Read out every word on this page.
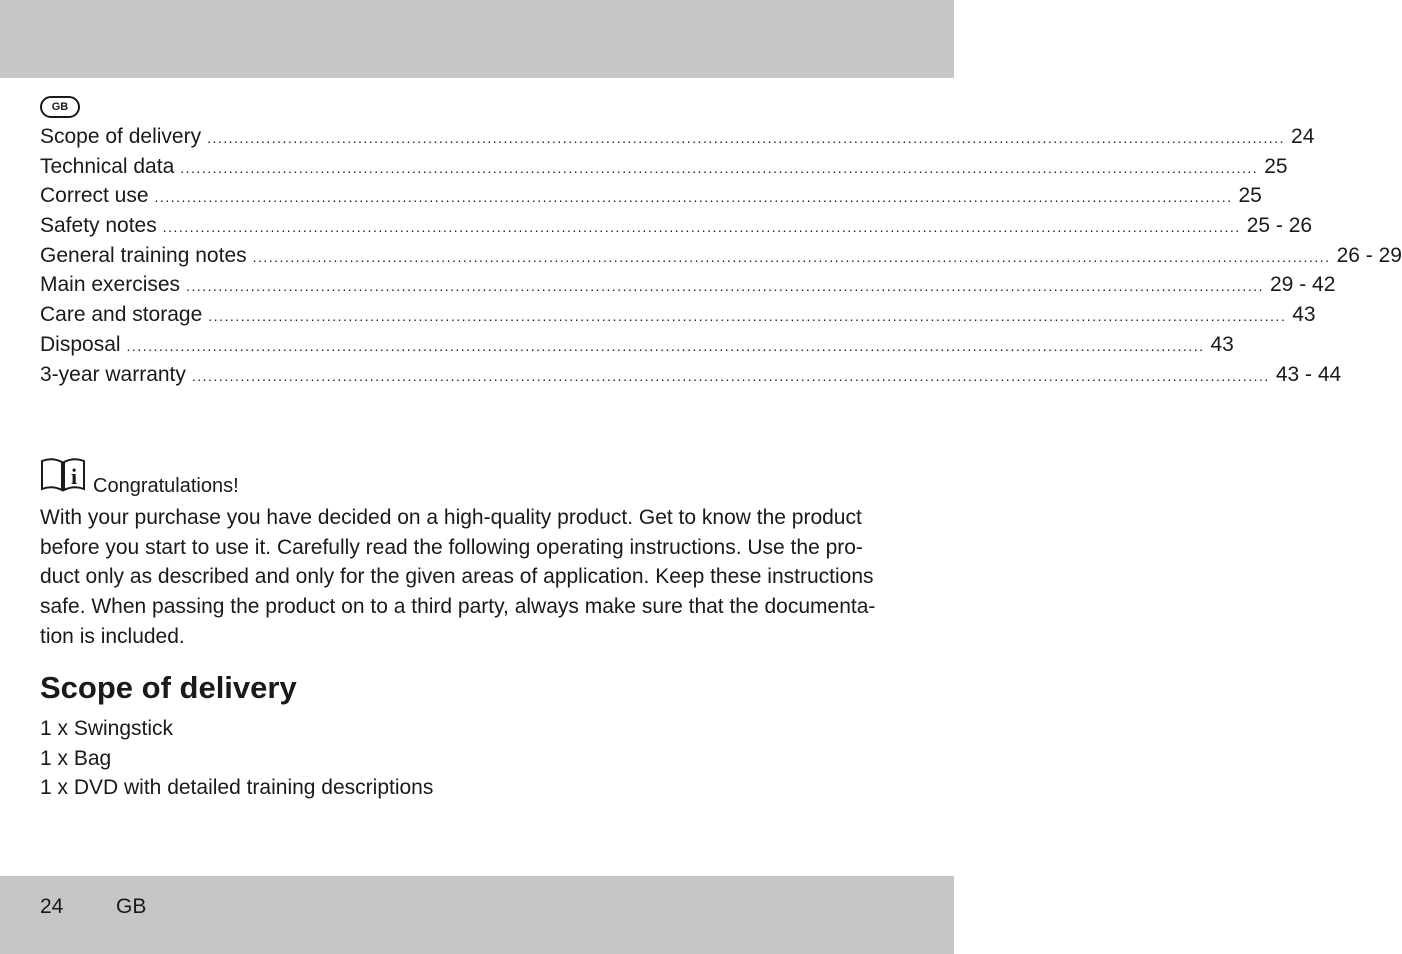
GB
Scope of delivery ........................................................................................................................................................................................................ 24
Technical data ........................................................................................................................................................................................................ 25
Correct use ........................................................................................................................................................................................................ 25
Safety notes ........................................................................................................................................................................................................ 25 - 26
General training notes ........................................................................................................................................................................................................ 26 - 29
Main exercises ........................................................................................................................................................................................................ 29 - 42
Care and storage ........................................................................................................................................................................................................ 43
Disposal ........................................................................................................................................................................................................ 43
3-year warranty ........................................................................................................................................................................................................ 43 - 44
i Congratulations!
With your purchase you have decided on a high-quality product. Get to know the product
before you start to use it. Carefully read the following operating instructions. Use the pro-
duct only as described and only for the given areas of application. Keep these instructions
safe. When passing the product on to a third party, always make sure that the documenta-
tion is included.
Scope of delivery
1 x Swingstick
1 x Bag
1 x DVD with detailed training descriptions
24	GB
